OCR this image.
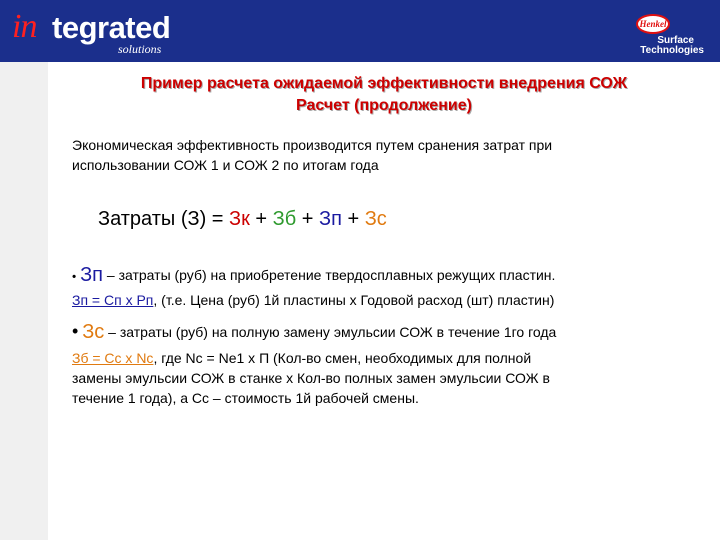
in tegrated
solutions
Henkel
Surface
Technologies
Пример расчета ожидаемой эффективности внедрения СОЖ
Расчет (продолжение)
Экономическая эффективность производится путем сранения затрат при
использовании СОЖ 1 и СОЖ 2 по итогам года
Затраты (З) = Зк + Зб + Зп + Зс
• Зп – затраты (руб) на приобретение твердосплавных режущих пластин.
Зп = Сп х Рп, (т.е. Цена (руб) 1й пластины х Годовой расход (шт) пластин)
• Зс – затраты (руб) на полную замену эмульсии СОЖ в течение 1го года
Зб = Сс х Nс, где Nс = Nе1 х П (Кол-во смен, необходимых для полной
замены эмульсии СОЖ в станке х Кол-во полных замен эмульсии СОЖ в
течение 1 года), а Сс – стоимость 1й рабочей смены.
